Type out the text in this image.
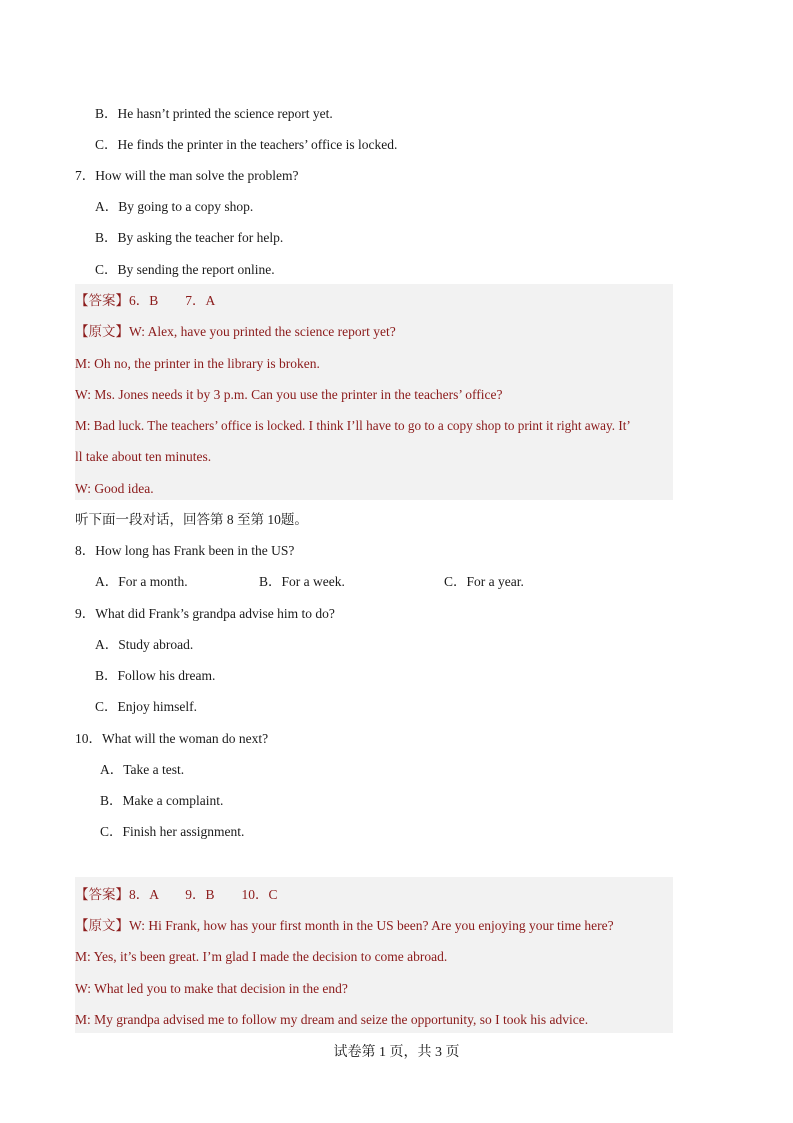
B．He hasn’t printed the science report yet.
C．He finds the printer in the teachers’ office is locked.
7．How will the man solve the problem?
A．By going to a copy shop.
B．By asking the teacher for help.
C．By sending the report online.
【答案】6．B　　7．A
【原文】W: Alex, have you printed the science report yet?
M: Oh no, the printer in the library is broken.
W: Ms. Jones needs it by 3 p.m. Can you use the printer in the teachers’ office?
M: Bad luck. The teachers’ office is locked. I think I’ll have to go to a copy shop to print it right away. It’
ll take about ten minutes.
W: Good idea.
听下面一段对话，回答第 8 至第 10题。
8．How long has Frank been in the US?
A．For a month.	B．For a week.	C．For a year.
9．What did Frank’s grandpa advise him to do?
A．Study abroad.
B．Follow his dream.
C．Enjoy himself.
10．What will the woman do next?
A．Take a test.
B．Make a complaint.
C．Finish her assignment.
【答案】8．A　　9．B　　10．C
【原文】W: Hi Frank, how has your first month in the US been? Are you enjoying your time here?
M: Yes, it’s been great. I’m glad I made the decision to come abroad.
W: What led you to make that decision in the end?
M: My grandpa advised me to follow my dream and seize the opportunity, so I took his advice.
试卷第 1 页，共 3 页
